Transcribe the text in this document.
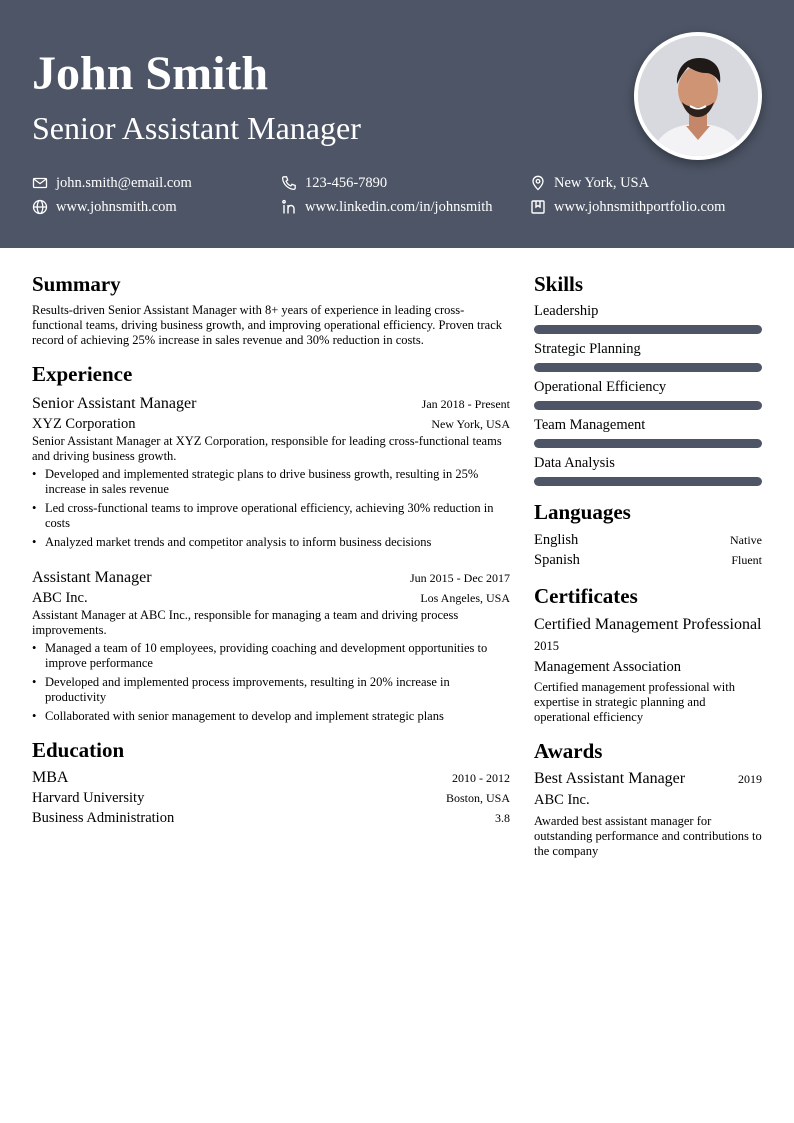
John Smith
Senior Assistant Manager
john.smith@email.com	123-456-7890	New York, USA
www.johnsmith.com	www.linkedin.com/in/johnsmith	www.johnsmithportfolio.com
Summary

Results-driven Senior Assistant Manager with 8+ years of experience in leading cross-functional teams, driving business growth, and improving operational efficiency. Proven track record of achieving 25% increase in sales revenue and 30% reduction in costs.

Experience
Senior Assistant Manager	Jan 2018 - Present
XYZ Corporation	New York, USA

Senior Assistant Manager at XYZ Corporation, responsible for leading cross-functional teams and driving business growth.

• Developed and implemented strategic plans to drive business growth, resulting in 25% increase in sales revenue
• Led cross-functional teams to improve operational efficiency, achieving 30% reduction in costs
• Analyzed market trends and competitor analysis to inform business decisions
Assistant Manager	Jun 2015 - Dec 2017
ABC Inc.	Los Angeles, USA

Assistant Manager at ABC Inc., responsible for managing a team and driving process improvements.

• Managed a team of 10 employees, providing coaching and development opportunities to improve performance
• Developed and implemented process improvements, resulting in 20% increase in productivity
• Collaborated with senior management to develop and implement strategic plans
Education
MBA	2010 - 2012
Harvard University	Boston, USA
Business Administration	3.8
Skills
Leadership
Strategic Planning
Operational Efficiency
Team Management
Data Analysis
Languages
English	Native
Spanish	Fluent
Certificates
Certified Management Professional
2015
Management Association

Certified management professional with expertise in strategic planning and operational efficiency

Awards
Best Assistant Manager	2019
ABC Inc.

Awarded best assistant manager for outstanding performance and contributions to the company
